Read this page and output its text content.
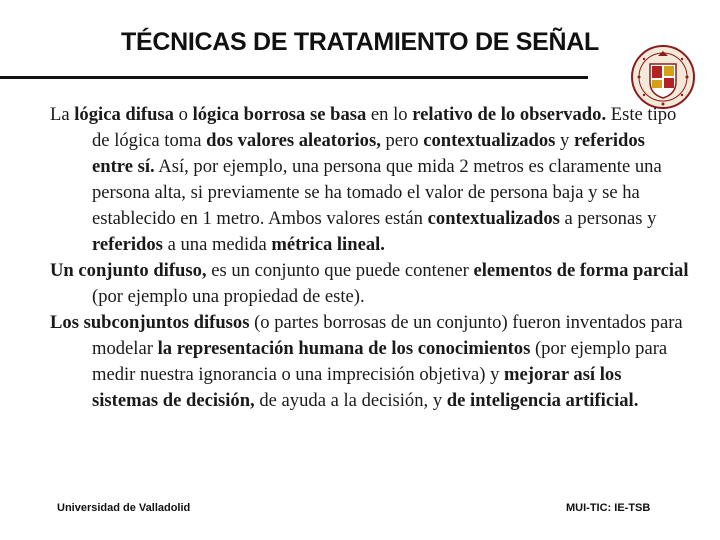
TÉCNICAS DE TRATAMIENTO DE SEÑAL

La lógica difusa o lógica borrosa se basa en lo relativo de lo observado. Este tipo de lógica toma dos valores aleatorios, pero contextualizados y referidos entre sí. Así, por ejemplo, una persona que mida 2 metros es claramente una persona alta, si previamente se ha tomado el valor de persona baja y se ha establecido en 1 metro. Ambos valores están contextualizados a personas y referidos a una medida métrica lineal.

Un conjunto difuso, es un conjunto que puede contener elementos de forma parcial (por ejemplo una propiedad de este).

Los subconjuntos difusos (o partes borrosas de un conjunto) fueron inventados para modelar la representación humana de los conocimientos (por ejemplo para medir nuestra ignorancia o una imprecisión objetiva) y mejorar así los sistemas de decisión, de ayuda a la decisión, y de inteligencia artificial.

Universidad de Valladolid	MUI-TIC: IE-TSB
